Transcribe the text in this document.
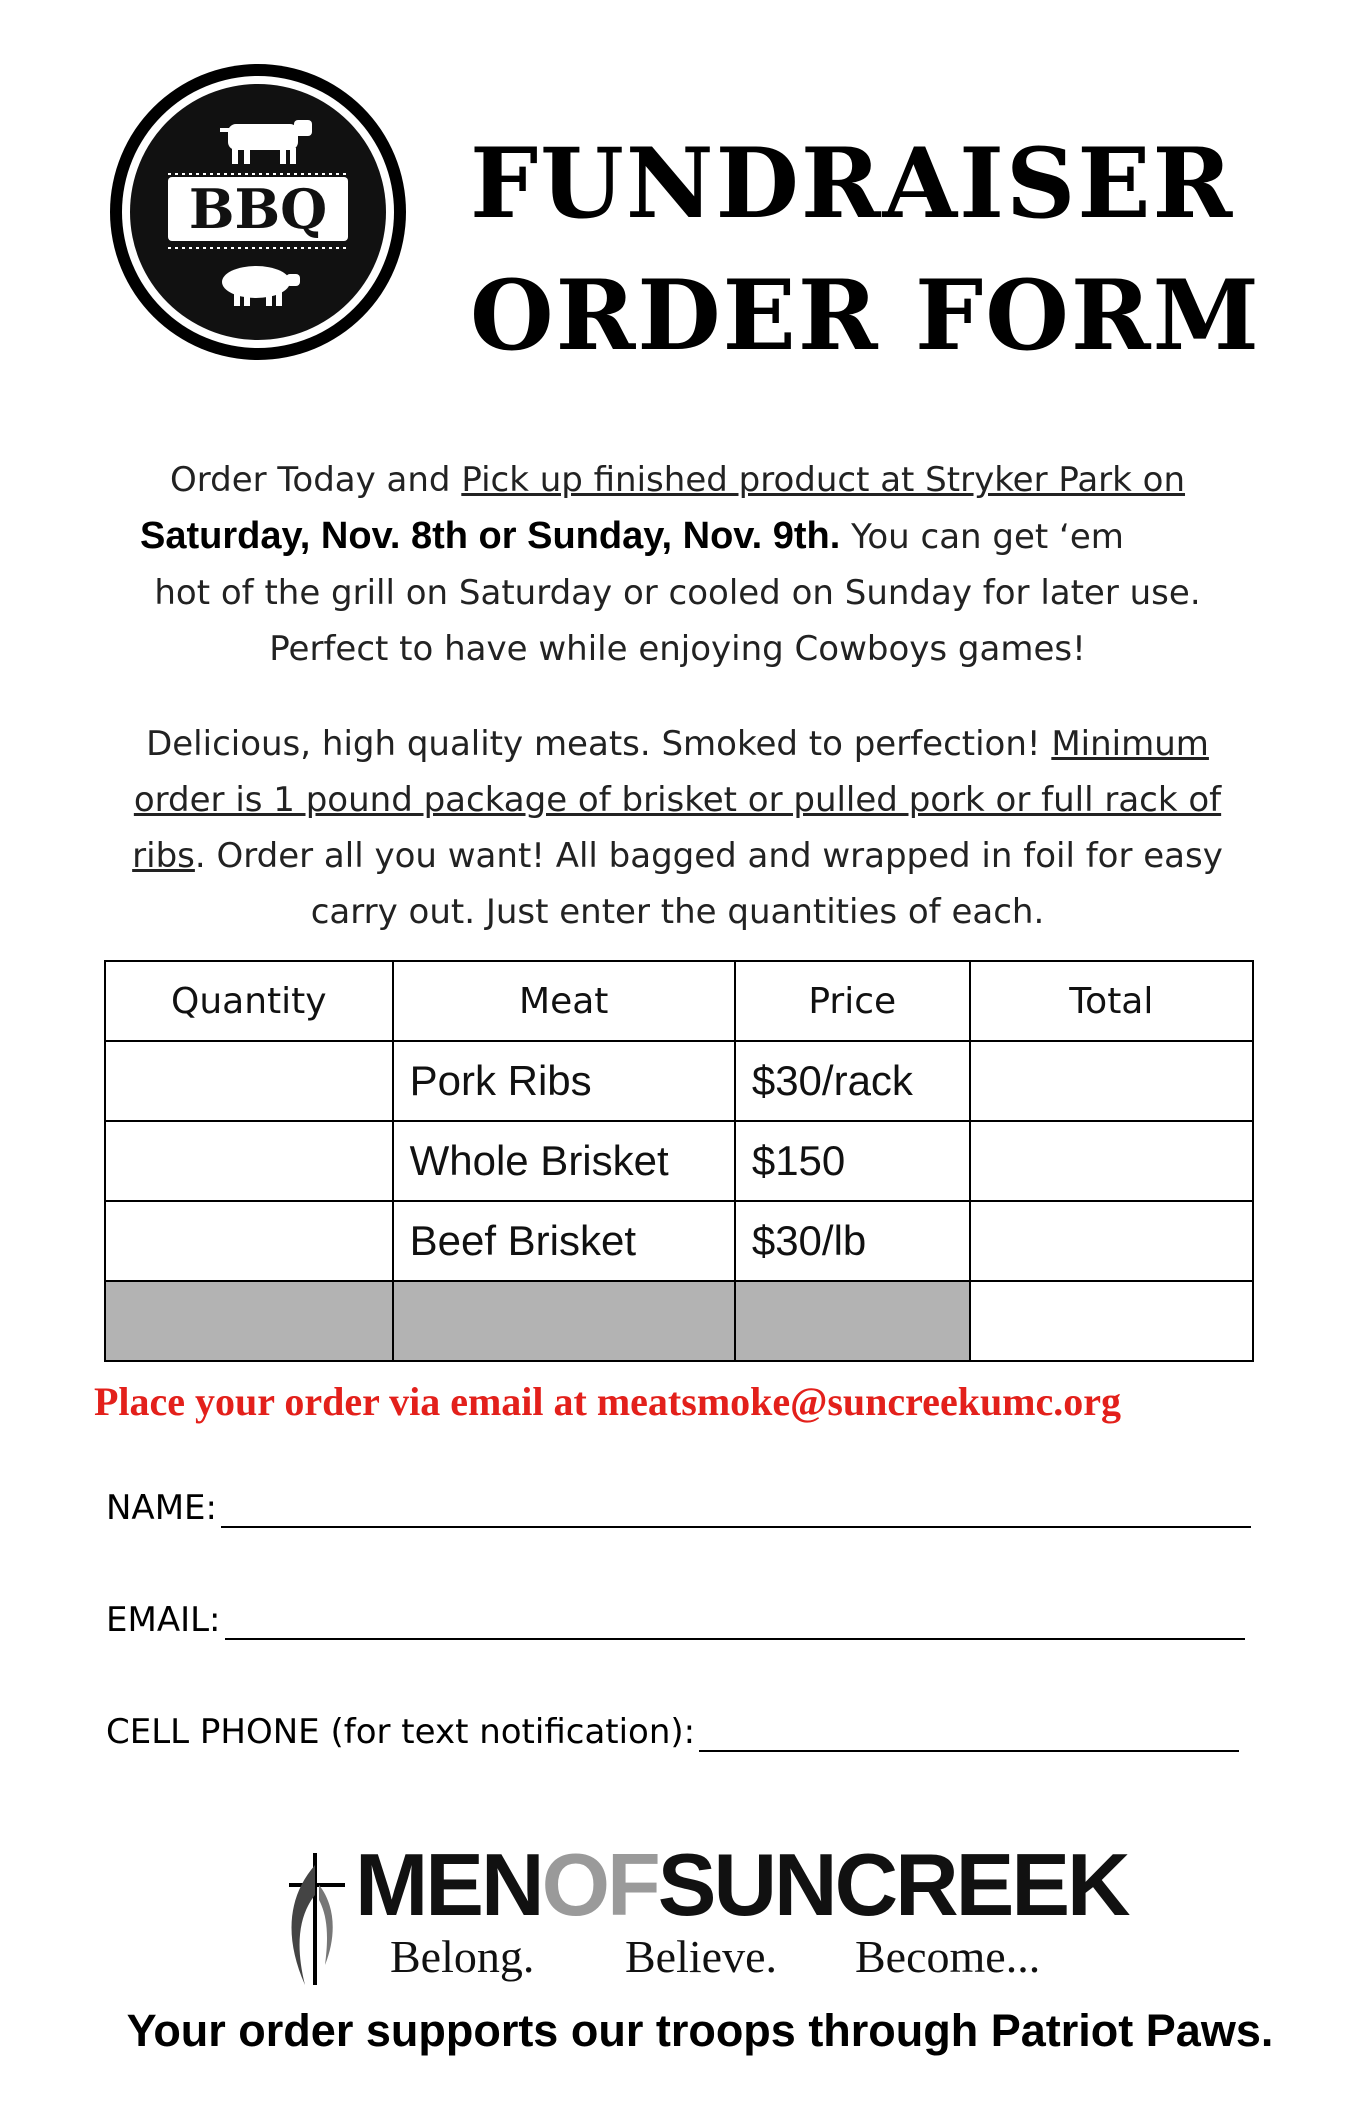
BBQ FUNDRAISER
ORDER FORM
Order Today and Pick up finished product at Stryker Park on
Saturday, Nov. 8th or Sunday, Nov. 9th. You can get ‘em
hot of the grill on Saturday or cooled on Sunday for later use.
Perfect to have while enjoying Cowboys games!
Delicious, high quality meats. Smoked to perfection! Minimum
order is 1 pound package of brisket or pulled pork or full rack of
ribs. Order all you want! All bagged and wrapped in foil for easy
carry out. Just enter the quantities of each.
Quantity	Meat	Price	Total
	Pork Ribs	$30/rack	
	Whole Brisket	$150	
	Beef Brisket	$30/lb	

Place your order via email at meatsmoke@suncreekumc.org
NAME:
EMAIL:
CELL PHONE (for text notification):
MENOFSUNCREEK
Belong. Believe. Become...
Your order supports our troops through Patriot Paws.
